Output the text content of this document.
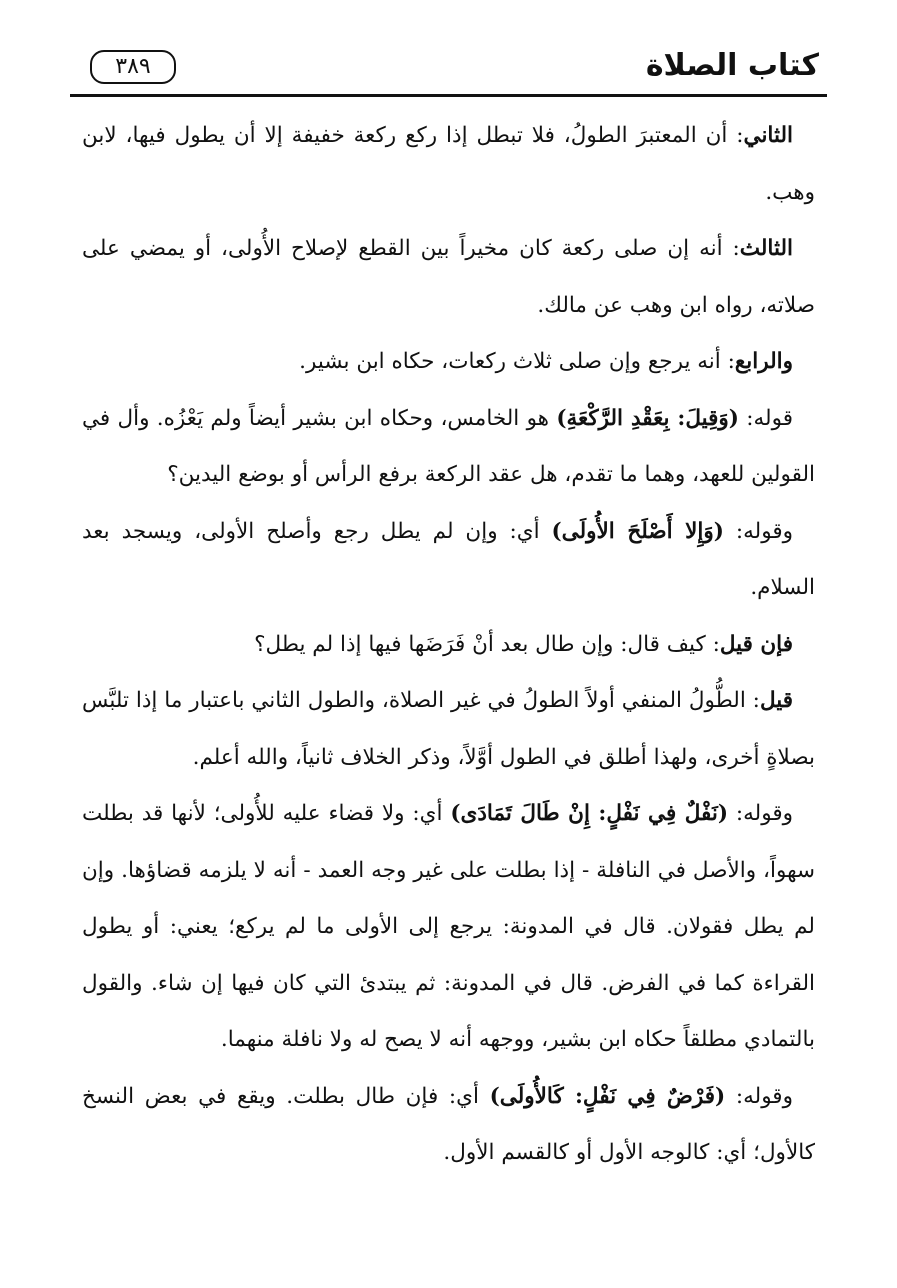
كتاب الصلاة
٣٨٩

الثاني: أن المعتبرَ الطولُ، فلا تبطل إذا ركع ركعة خفيفة إلا أن يطول فيها، لابن وهب.

الثالث: أنه إن صلى ركعة كان مخيراً بين القطع لإصلاح الأُولى، أو يمضي على صلاته، رواه ابن وهب عن مالك.

والرابع: أنه يرجع وإن صلى ثلاث ركعات، حكاه ابن بشير.

قوله: (وَقِيلَ: بِعَقْدِ الرَّكْعَةِ) هو الخامس، وحكاه ابن بشير أيضاً ولم يَعْزُه. وأل في القولين للعهد، وهما ما تقدم، هل عقد الركعة برفع الرأس أو بوضع اليدين؟

وقوله: (وَإِلا أَصْلَحَ الأُولَى) أي: وإن لم يطل رجع وأصلح الأولى، ويسجد بعد السلام.

فإن قيل: كيف قال: وإن طال بعد أنْ فَرَضَها فيها إذا لم يطل؟

قيل: الطُّولُ المنفي أولاً الطولُ في غير الصلاة، والطول الثاني باعتبار ما إذا تلبَّس بصلاةٍ أخرى، ولهذا أطلق في الطول أوَّلاً، وذكر الخلاف ثانياً، والله أعلم.

وقوله: (نَفْلٌ فِي نَفْلٍ: إِنْ طَالَ تَمَادَى) أي: ولا قضاء عليه للأُولى؛ لأنها قد بطلت سهواً، والأصل في النافلة - إذا بطلت على غير وجه العمد - أنه لا يلزمه قضاؤها. وإن لم يطل فقولان. قال في المدونة: يرجع إلى الأولى ما لم يركع؛ يعني: أو يطول القراءة كما في الفرض. قال في المدونة: ثم يبتدئ التي كان فيها إن شاء. والقول بالتمادي مطلقاً حكاه ابن بشير، ووجهه أنه لا يصح له ولا نافلة منهما.

وقوله: (فَرْضٌ فِي نَفْلٍ: كَالأُولَى) أي: فإن طال بطلت. ويقع في بعض النسخ كالأول؛ أي: كالوجه الأول أو كالقسم الأول.
